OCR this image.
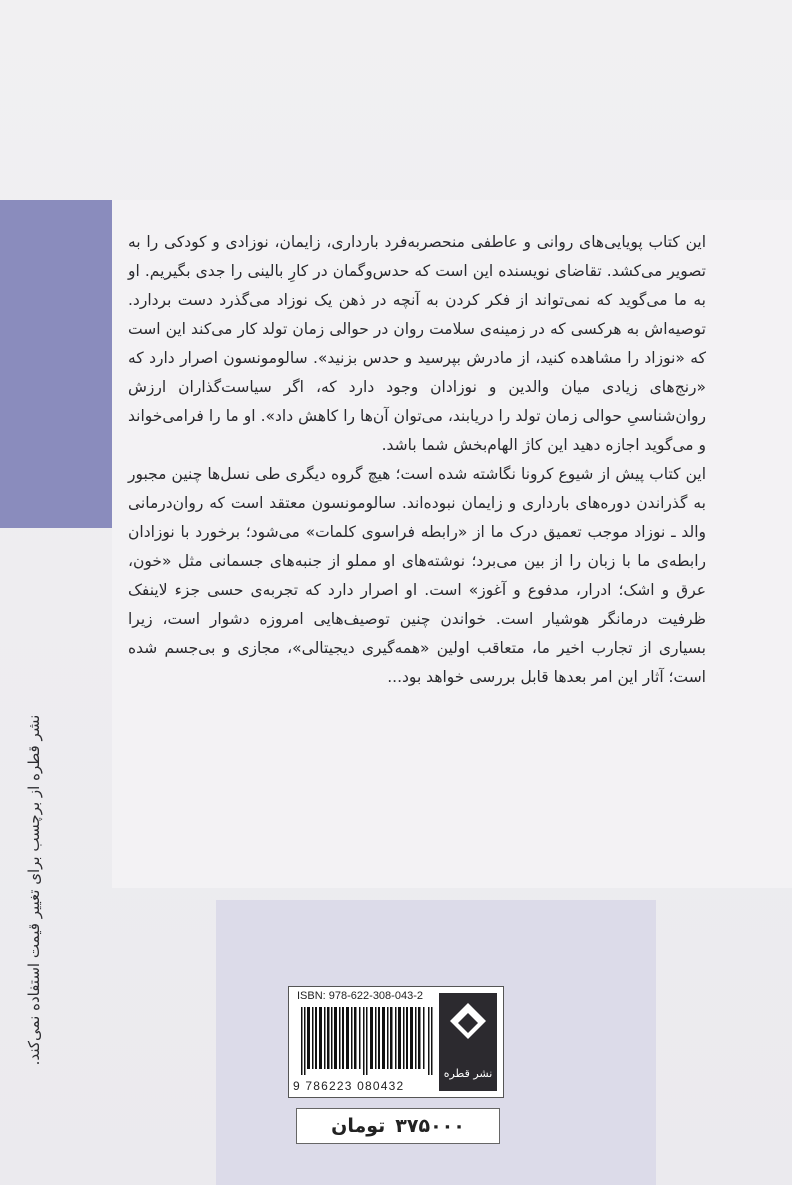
این کتاب پویایی‌های روانی و عاطفی منحصربه‌فرد بارداری، زایمان، نوزادی و کودکی را به تصویر می‌کشد. تقاضای نویسنده این است که حدس‌وگمان در کارِ بالینی را جدی بگیریم. او به ما می‌گوید که نمی‌تواند از فکر کردن به آنچه در ذهن یک نوزاد می‌گذرد دست بردارد. توصیه‌اش به هرکسی که در زمینه‌ی سلامت روان در حوالی زمان تولد کار می‌کند این است که «نوزاد را مشاهده کنید، از مادرش بپرسید و حدس بزنید». سالومونسون اصرار دارد که «رنج‌های زیادی میان والدین و نوزادان وجود دارد که، اگر سیاست‌گذاران ارزش روان‌شناسیِ حوالی زمان تولد را دریابند، می‌توان آن‌ها را کاهش داد». او ما را فرامی‌خواند و می‌گوید اجازه دهید این کاژ الهام‌بخش شما باشد.

این کتاب پیش از شیوع کرونا نگاشته شده است؛ هیچ گروه دیگری طی نسل‌ها چنین مجبور به گذراندن دوره‌های بارداری و زایمان نبوده‌اند. سالومونسون معتقد است که روان‌درمانی والد ـ نوزاد موجب تعمیق درک ما از «رابطه فراسوی کلمات» می‌شود؛ برخورد با نوزادان رابطه‌ی ما با زبان را از بین می‌برد؛ نوشته‌های او مملو از جنبه‌های جسمانی مثل «خون، عرق و اشک؛ ادرار، مدفوع و آغوز» است. او اصرار دارد که تجربه‌ی حسی جزء لاینفک ظرفیت درمانگر هوشیار است. خواندن چنین توصیف‌هایی امروزه دشوار است، زیرا بسیاری از تجارب اخیر ما، متعاقب اولین «همه‌گیری دیجیتالی»، مجازی و بی‌جسم شده است؛ آثار این امر بعدها قابل بررسی خواهد بود...

نشر قطره از برچسب برای تغییر قیمت استفاده نمی‌کند.	ISBN: 978-622-308-043-2
9 786223 080432
نشر قطره
۳۷۵۰۰۰
تومان
